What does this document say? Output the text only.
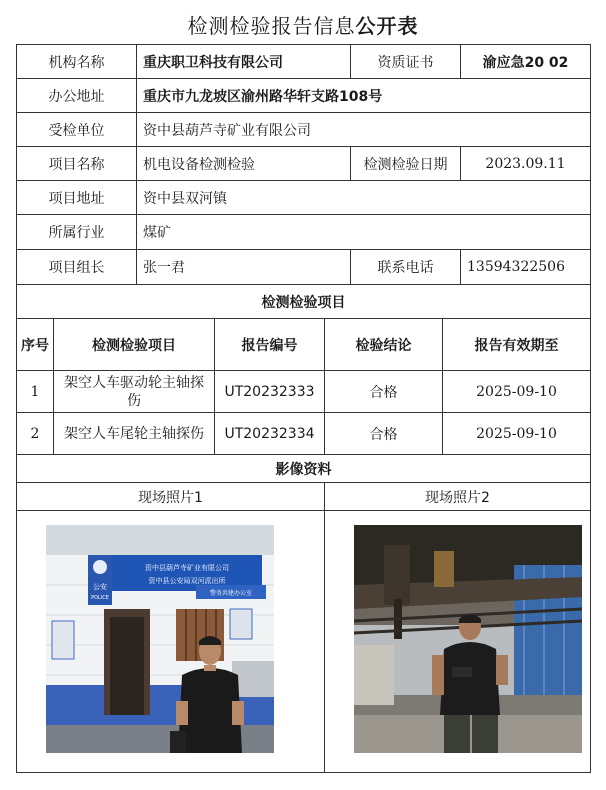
检测检验报告信息公开表
机构名称		重庆职卫科技有限公司			资质证书		渝应急20 02
办公地址		重庆市九龙坡区渝州路华轩支路108号					
受检单位		资中县葫芦寺矿业有限公司					
项目名称		机电设备检测检验			检测检验日期		2023.09.11
项目地址		资中县双河镇					
所属行业		煤矿					
项目组长		张一君			联系电话		13594322506
检测检验项目							
序号	检测检验项目		报告编号	检验结论		报告有效期至	
1	架空人车驱动轮主轴探伤		UT20232333	合格		2025-09-10	
2	架空人车尾轮主轴探伤		UT20232334	合格		2025-09-10	
影像资料							
现场照片1				现场照片2			

资中县葫芦寺矿业有限公司
资中县公安局双河派出所
公安
POLICE
警务共建办公室
